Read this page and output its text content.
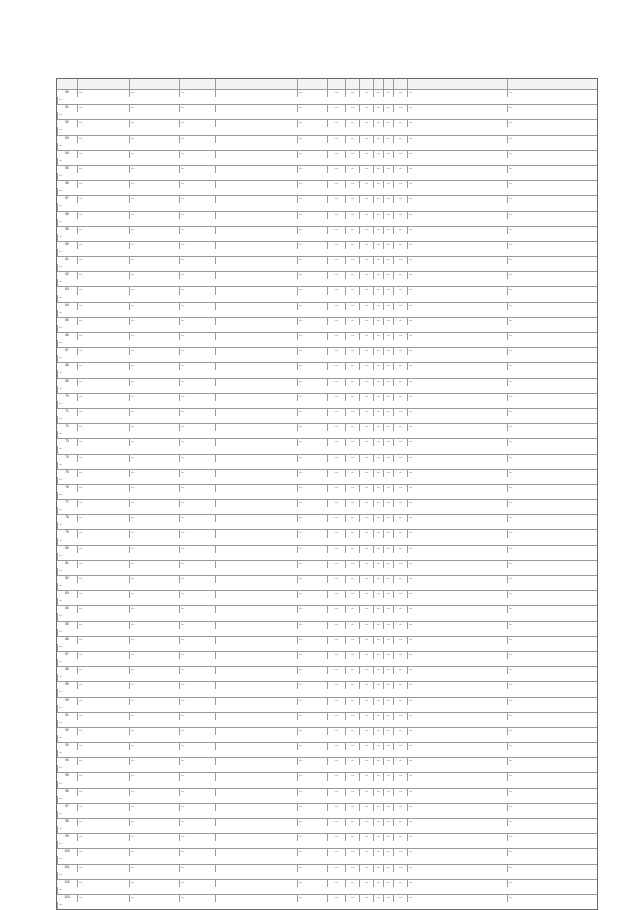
50	—	—	—	—	—	—	—	—	—	—	—	—
—
51	—	—	—	—	—	—	—	—	—	—	—	—
—
52	—	—	—	—	—	—	—	—	—	—	—	—
—
53	—	—	—	—	—	—	—	—	—	—	—	—
—
54	—	—	—	—	—	—	—	—	—	—	—	—
—
55	—	—	—	—	—	—	—	—	—	—	—	—
—
56	—	—	—	—	—	—	—	—	—	—	—	—
—
57	—	—	—	—	—	—	—	—	—	—	—	—
—
58	—	—	—	—	—	—	—	—	—	—	—	—
—
59	—	—	—	—	—	—	—	—	—	—	—	—
—
60	—	—	—	—	—	—	—	—	—	—	—	—
—
61	—	—	—	—	—	—	—	—	—	—	—	—
—
62	—	—	—	—	—	—	—	—	—	—	—	—
—
63	—	—	—	—	—	—	—	—	—	—	—	—
—
64	—	—	—	—	—	—	—	—	—	—	—	—
—
65	—	—	—	—	—	—	—	—	—	—	—	—
—
66	—	—	—	—	—	—	—	—	—	—	—	—
—
67	—	—	—	—	—	—	—	—	—	—	—	—
—
68	—	—	—	—	—	—	—	—	—	—	—	—
—
69	—	—	—	—	—	—	—	—	—	—	—	—
—
70	—	—	—	—	—	—	—	—	—	—	—	—
—
71	—	—	—	—	—	—	—	—	—	—	—	—
—
72	—	—	—	—	—	—	—	—	—	—	—	—
—
73	—	—	—	—	—	—	—	—	—	—	—	—
—
74	—	—	—	—	—	—	—	—	—	—	—	—
—
75	—	—	—	—	—	—	—	—	—	—	—	—
—
76	—	—	—	—	—	—	—	—	—	—	—	—
—
77	—	—	—	—	—	—	—	—	—	—	—	—
—
78	—	—	—	—	—	—	—	—	—	—	—	—
—
79	—	—	—	—	—	—	—	—	—	—	—	—
—
80	—	—	—	—	—	—	—	—	—	—	—	—
—
81	—	—	—	—	—	—	—	—	—	—	—	—
—
82	—	—	—	—	—	—	—	—	—	—	—	—
—
83	—	—	—	—	—	—	—	—	—	—	—	—
—
84	—	—	—	—	—	—	—	—	—	—	—	—
—
85	—	—	—	—	—	—	—	—	—	—	—	—
—
86	—	—	—	—	—	—	—	—	—	—	—	—
—
87	—	—	—	—	—	—	—	—	—	—	—	—
—
88	—	—	—	—	—	—	—	—	—	—	—	—
—
89	—	—	—	—	—	—	—	—	—	—	—	—
—
90	—	—	—	—	—	—	—	—	—	—	—	—
—
91	—	—	—	—	—	—	—	—	—	—	—	—
—
92	—	—	—	—	—	—	—	—	—	—	—	—
—
93	—	—	—	—	—	—	—	—	—	—	—	—
—
94	—	—	—	—	—	—	—	—	—	—	—	—
—
95	—	—	—	—	—	—	—	—	—	—	—	—
—
96	—	—	—	—	—	—	—	—	—	—	—	—
—
97	—	—	—	—	—	—	—	—	—	—	—	—
—
98	—	—	—	—	—	—	—	—	—	—	—	—
—
99	—	—	—	—	—	—	—	—	—	—	—	—
—
100	—	—	—	—	—	—	—	—	—	—	—	—
—
101	—	—	—	—	—	—	—	—	—	—	—	—
—
102	—	—	—	—	—	—	—	—	—	—	—	—
—
103	—	—	—	—	—	—	—	—	—	—	—	—
—
